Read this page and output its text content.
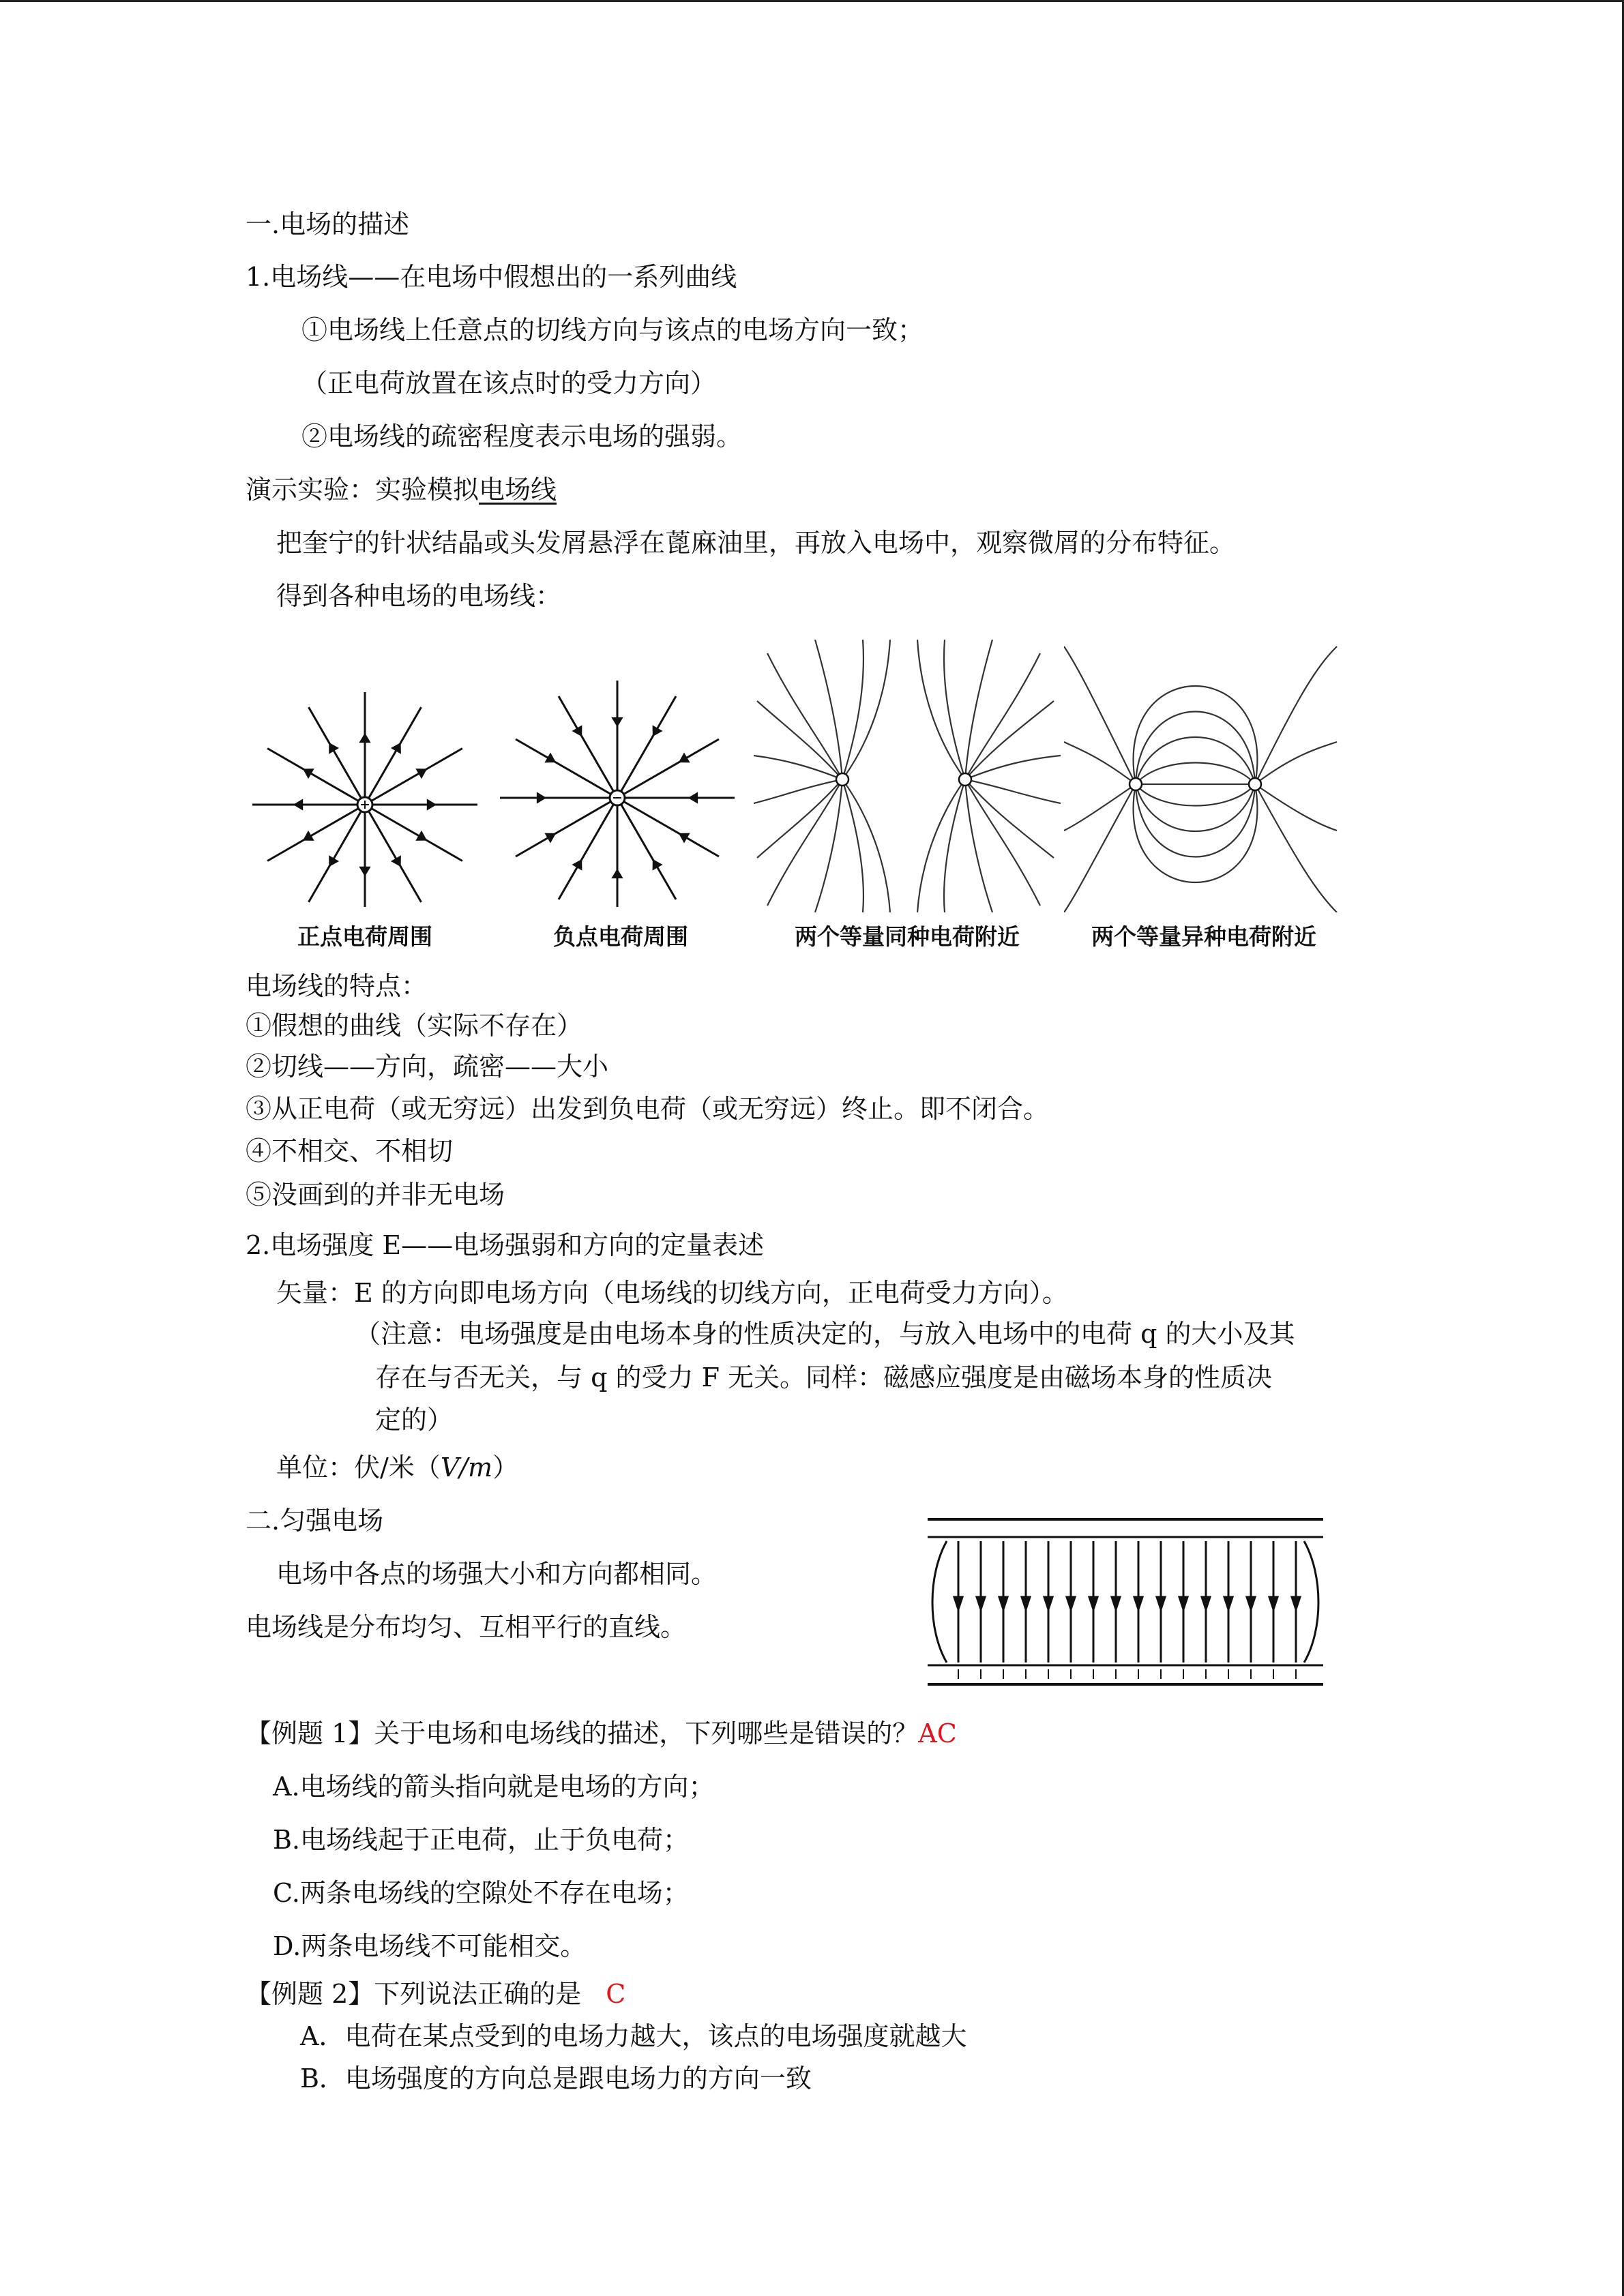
一.电场的描述
1.电场线——在电场中假想出的一系列曲线
①电场线上任意点的切线方向与该点的电场方向一致；
（正电荷放置在该点时的受力方向）
②电场线的疏密程度表示电场的强弱。
演示实验：实验模拟电场线
把奎宁的针状结晶或头发屑悬浮在蓖麻油里，再放入电场中，观察微屑的分布特征。
得到各种电场的电场线：
正点电荷周围	负点电荷周围	两个等量同种电荷附近	两个等量异种电荷附近
电场线的特点：
①假想的曲线（实际不存在）
②切线——方向，疏密——大小
③从正电荷（或无穷远）出发到负电荷（或无穷远）终止。即不闭合。
④不相交、不相切
⑤没画到的并非无电场
2.电场强度 E——电场强弱和方向的定量表述
矢量：E 的方向即电场方向（电场线的切线方向，正电荷受力方向）。
（注意：电场强度是由电场本身的性质决定的，与放入电场中的电荷 q 的大小及其
存在与否无关，与 q 的受力 F 无关。同样：磁感应强度是由磁场本身的性质决
定的）
单位：伏/米（V/m）
二.匀强电场
电场中各点的场强大小和方向都相同。
电场线是分布均匀、互相平行的直线。
【例题 1】关于电场和电场线的描述，下列哪些是错误的？AC
A.电场线的箭头指向就是电场的方向；
B.电场线起于正电荷，止于负电荷；
C.两条电场线的空隙处不存在电场；
D.两条电场线不可能相交。
【例题 2】下列说法正确的是 C
A．电荷在某点受到的电场力越大，该点的电场强度就越大
B．电场强度的方向总是跟电场力的方向一致
